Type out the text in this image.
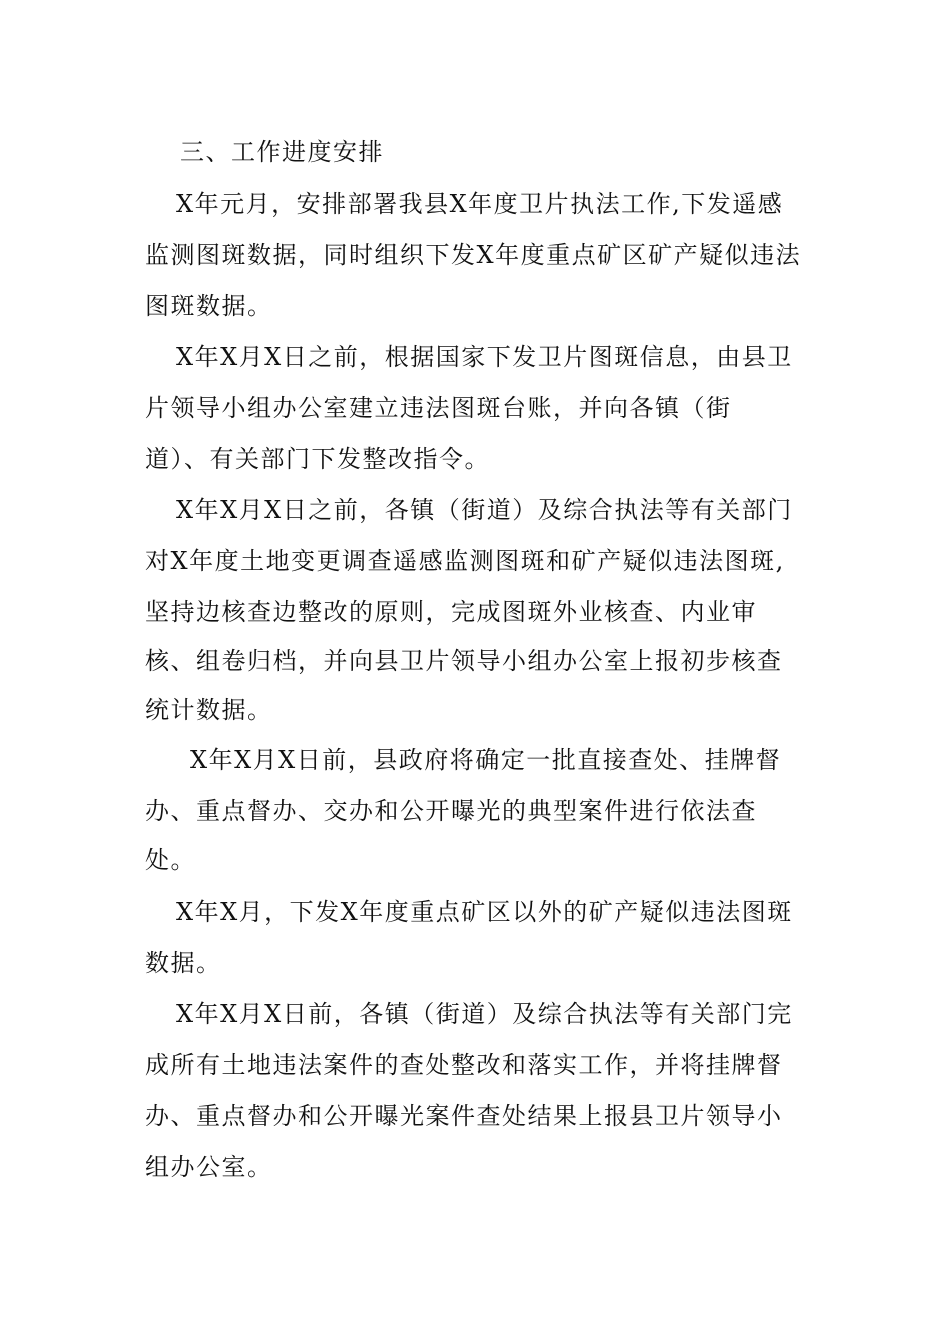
三、工作进度安排
X年元月，安排部署我县X年度卫片执法工作,下发遥感
监测图斑数据，同时组织下发X年度重点矿区矿产疑似违法
图斑数据。
X年X月X日之前，根据国家下发卫片图斑信息，由县卫
片领导小组办公室建立违法图斑台账，并向各镇（街
道）、有关部门下发整改指令。
X年X月X日之前，各镇（街道）及综合执法等有关部门
对X年度土地变更调查遥感监测图斑和矿产疑似违法图斑,
坚持边核查边整改的原则，完成图斑外业核查、内业审
核、组卷归档，并向县卫片领导小组办公室上报初步核查
统计数据。
X年X月X日前，县政府将确定一批直接查处、挂牌督
办、重点督办、交办和公开曝光的典型案件进行依法查
处。
X年X月，下发X年度重点矿区以外的矿产疑似违法图斑
数据。
X年X月X日前，各镇（街道）及综合执法等有关部门完
成所有土地违法案件的查处整改和落实工作，并将挂牌督
办、重点督办和公开曝光案件查处结果上报县卫片领导小
组办公室。
